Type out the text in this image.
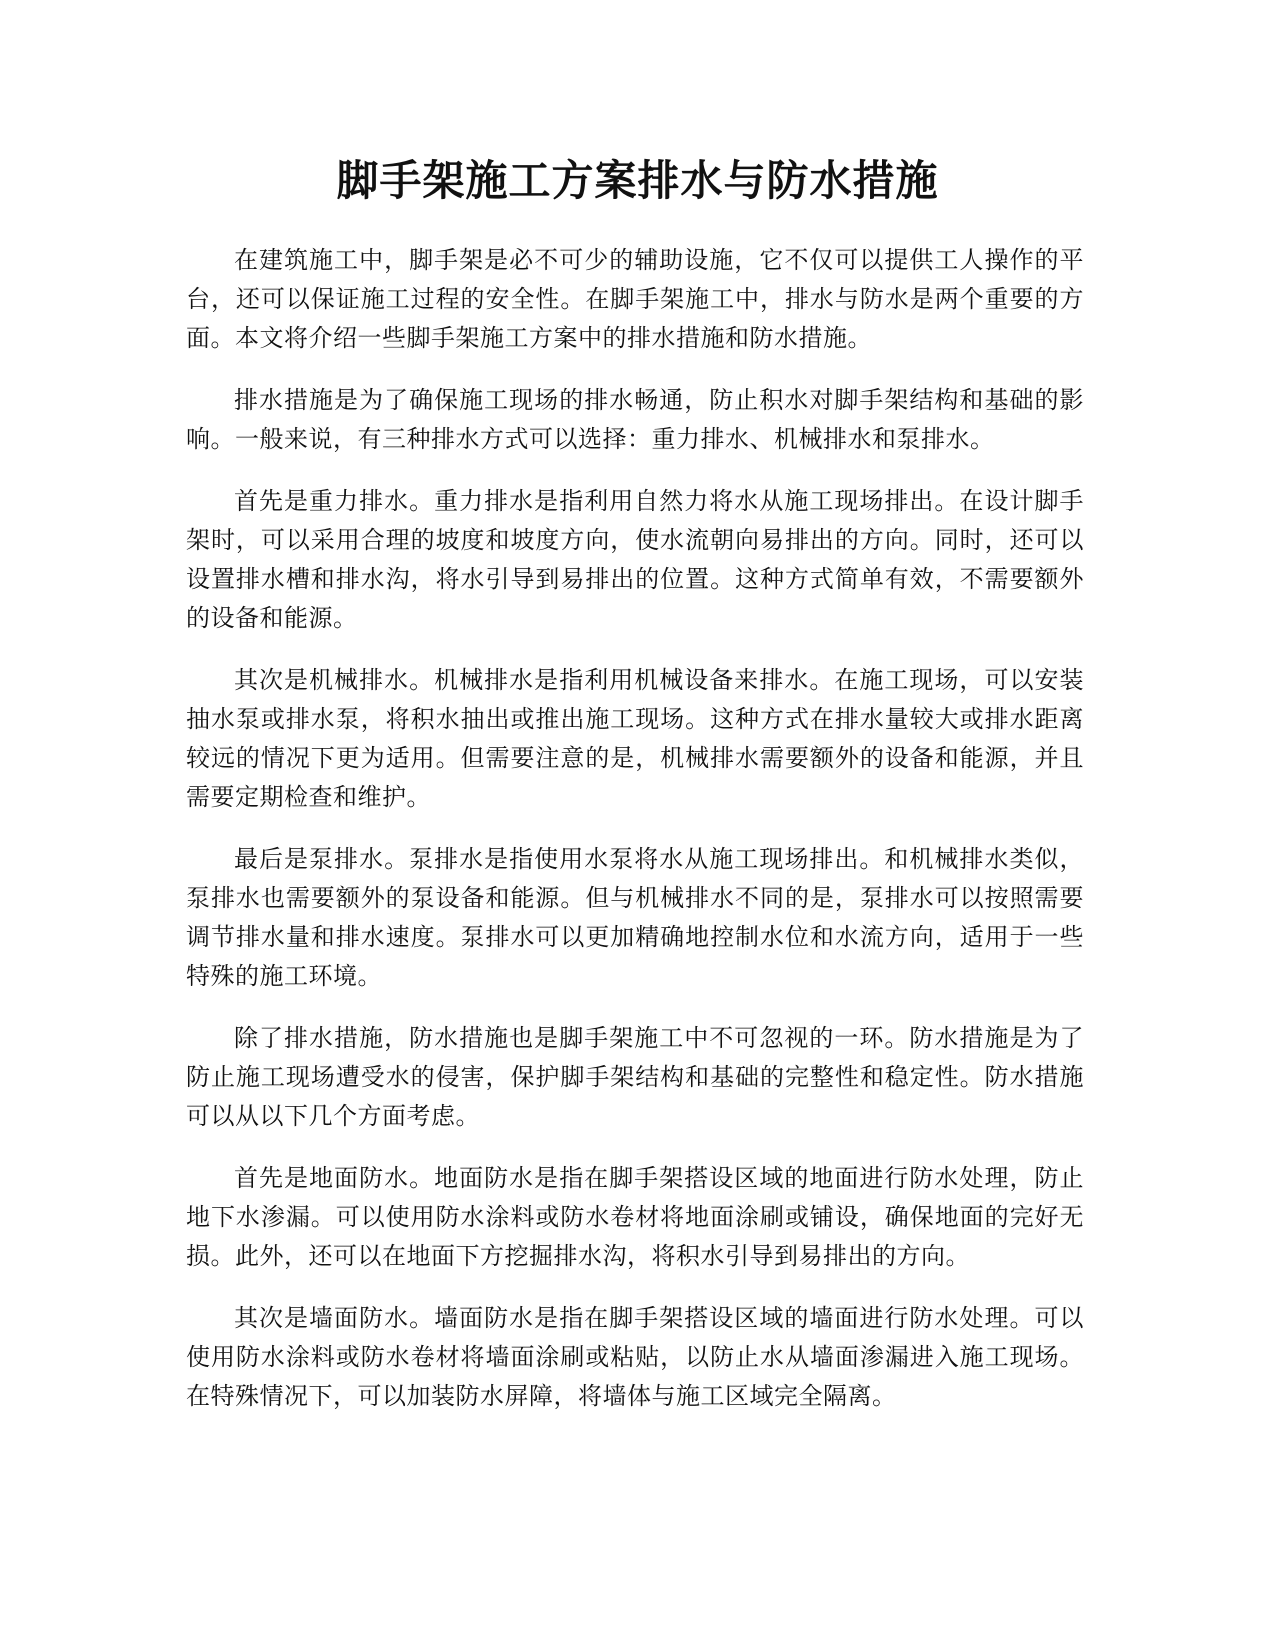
脚手架施工方案排水与防水措施

在建筑施工中，脚手架是必不可少的辅助设施，它不仅可以提供工人操作的平台，还可以保证施工过程的安全性。在脚手架施工中，排水与防水是两个重要的方面。本文将介绍一些脚手架施工方案中的排水措施和防水措施。

排水措施是为了确保施工现场的排水畅通，防止积水对脚手架结构和基础的影响。一般来说，有三种排水方式可以选择：重力排水、机械排水和泵排水。

首先是重力排水。重力排水是指利用自然力将水从施工现场排出。在设计脚手架时，可以采用合理的坡度和坡度方向，使水流朝向易排出的方向。同时，还可以设置排水槽和排水沟，将水引导到易排出的位置。这种方式简单有效，不需要额外的设备和能源。

其次是机械排水。机械排水是指利用机械设备来排水。在施工现场，可以安装抽水泵或排水泵，将积水抽出或推出施工现场。这种方式在排水量较大或排水距离较远的情况下更为适用。但需要注意的是，机械排水需要额外的设备和能源，并且需要定期检查和维护。

最后是泵排水。泵排水是指使用水泵将水从施工现场排出。和机械排水类似，泵排水也需要额外的泵设备和能源。但与机械排水不同的是，泵排水可以按照需要调节排水量和排水速度。泵排水可以更加精确地控制水位和水流方向，适用于一些特殊的施工环境。

除了排水措施，防水措施也是脚手架施工中不可忽视的一环。防水措施是为了防止施工现场遭受水的侵害，保护脚手架结构和基础的完整性和稳定性。防水措施可以从以下几个方面考虑。

首先是地面防水。地面防水是指在脚手架搭设区域的地面进行防水处理，防止地下水渗漏。可以使用防水涂料或防水卷材将地面涂刷或铺设，确保地面的完好无损。此外，还可以在地面下方挖掘排水沟，将积水引导到易排出的方向。

其次是墙面防水。墙面防水是指在脚手架搭设区域的墙面进行防水处理。可以使用防水涂料或防水卷材将墙面涂刷或粘贴，以防止水从墙面渗漏进入施工现场。在特殊情况下，可以加装防水屏障，将墙体与施工区域完全隔离。
